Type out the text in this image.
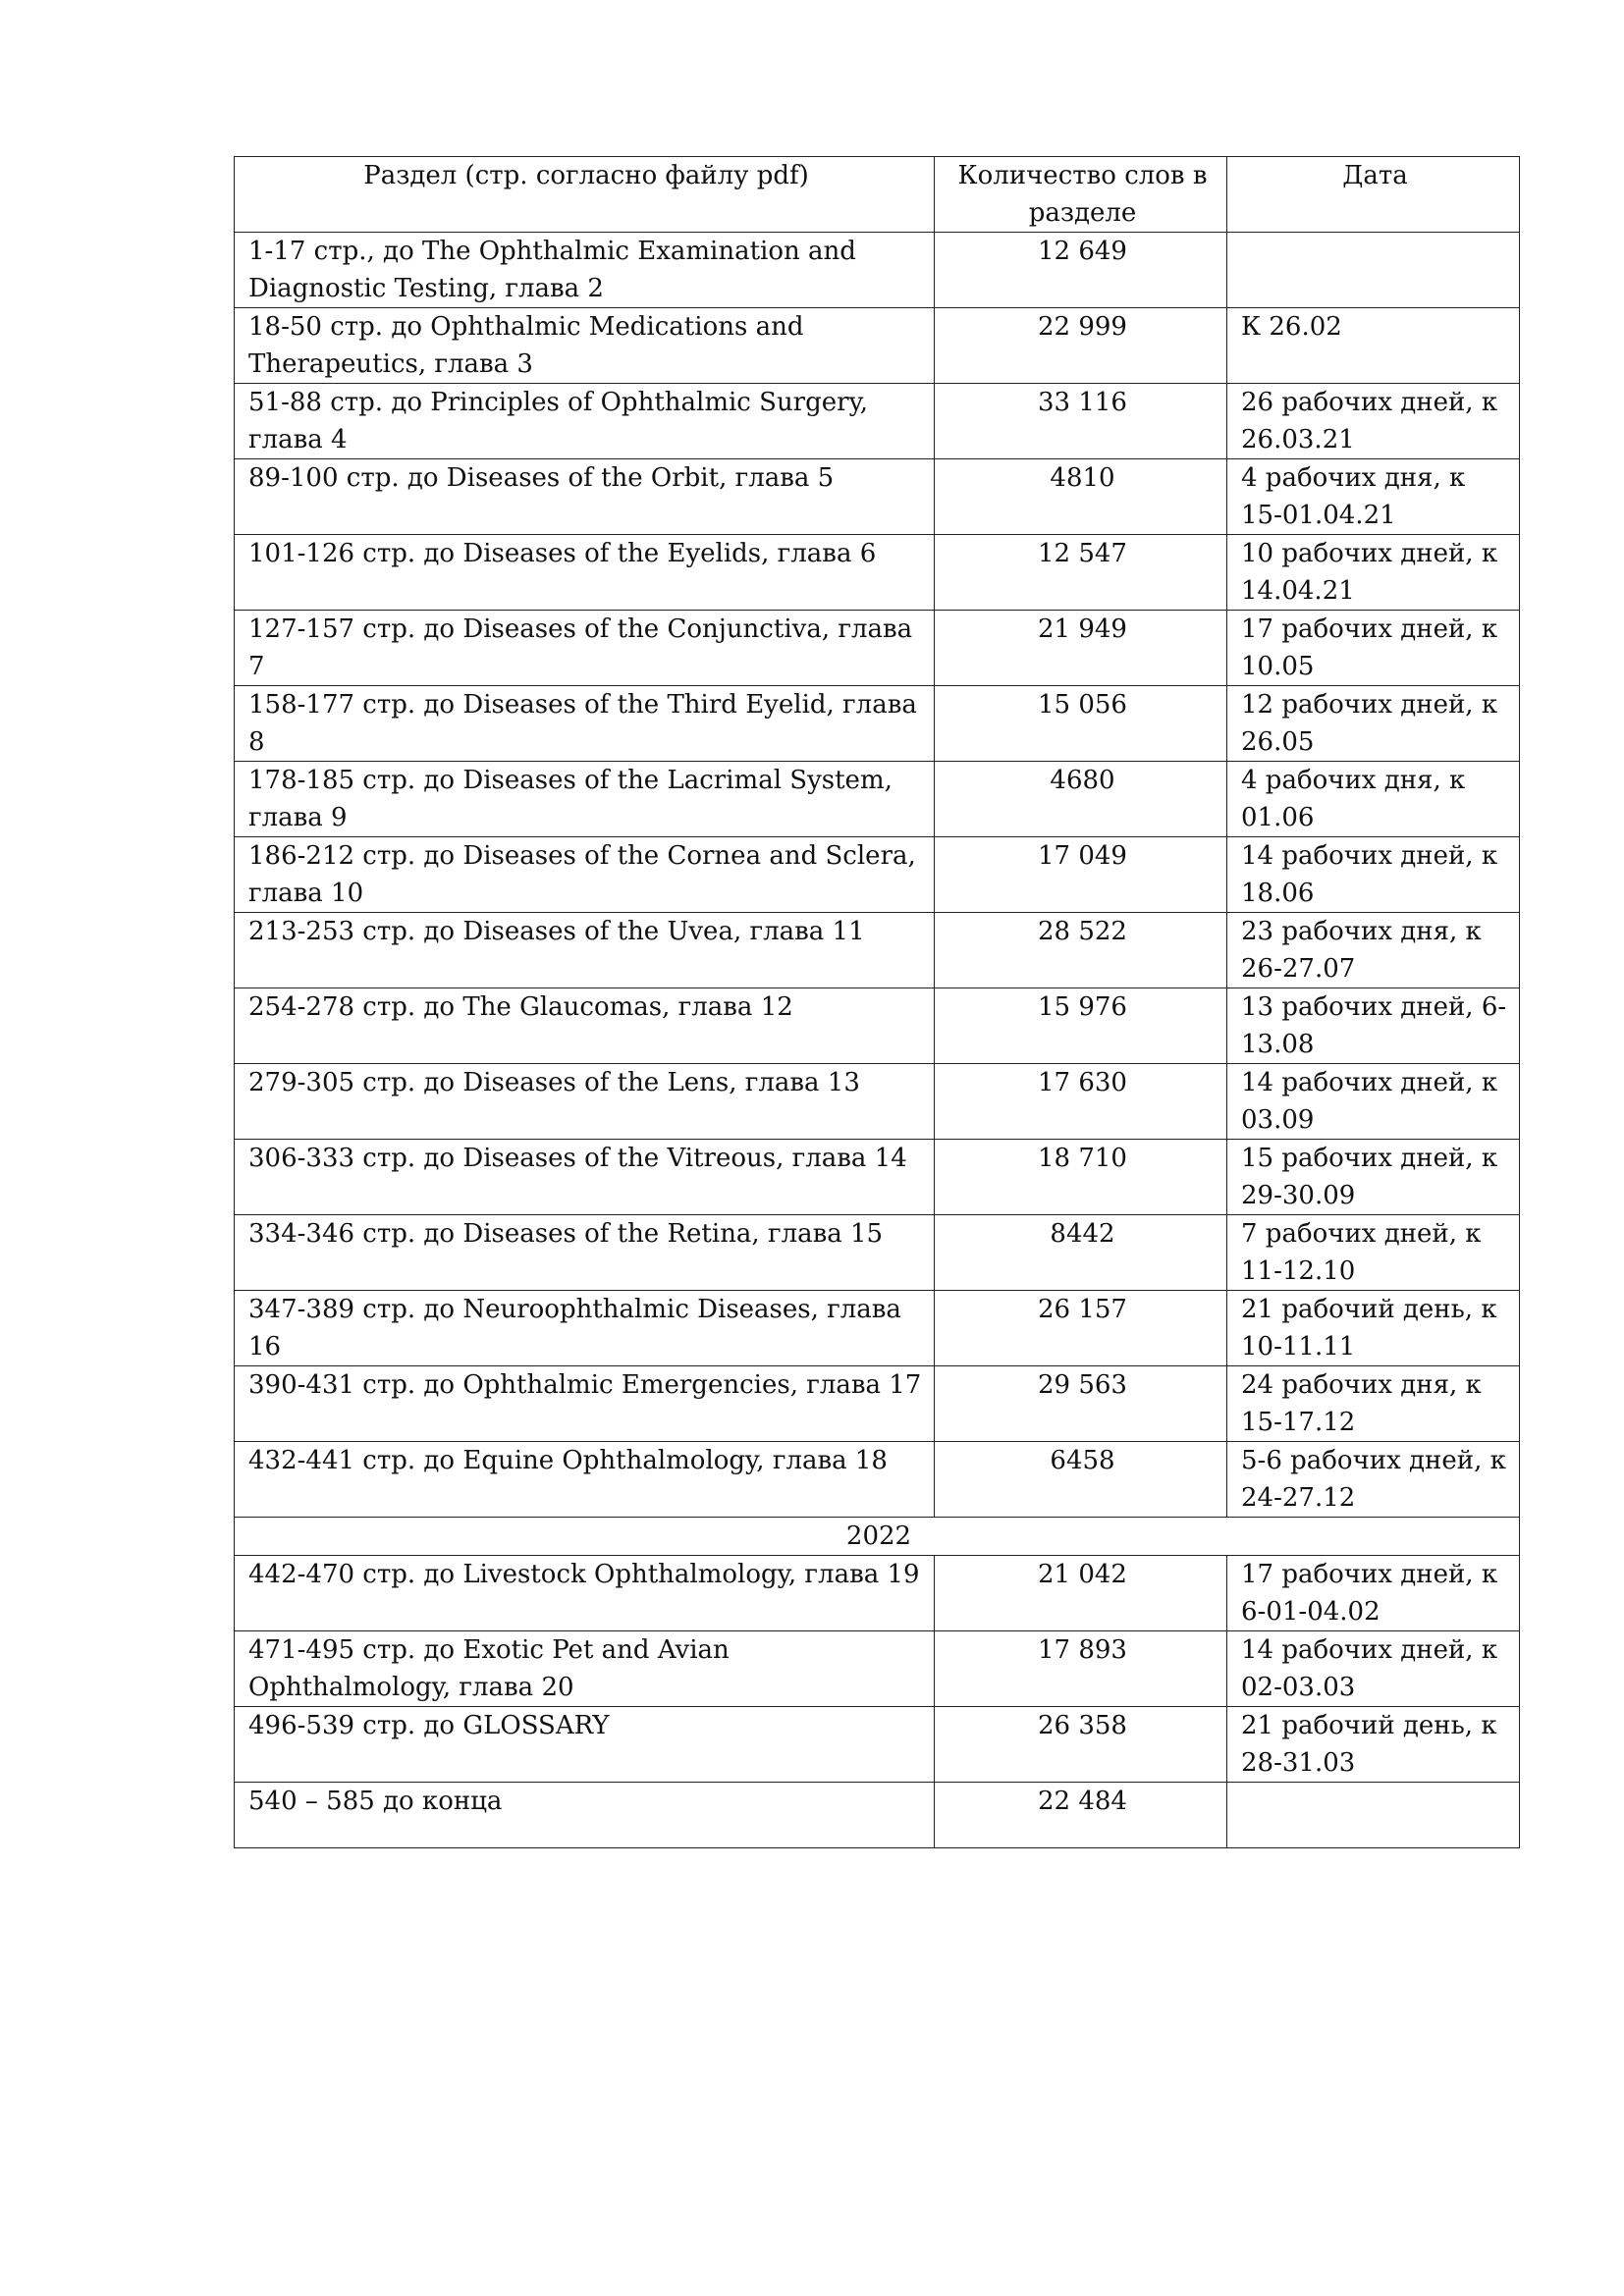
Раздел (стр. согласно файлу pdf)	Количество слов в разделе	Дата
1-17 стр., до The Ophthalmic Examination and Diagnostic Testing, глава 2	12 649	
18-50 стр. до Ophthalmic Medications and Therapeutics, глава 3	22 999	К 26.02
51-88 стр. до Principles of Ophthalmic Surgery, глава 4	33 116	26 рабочих дней, к 26.03.21
89-100 стр. до Diseases of the Orbit, глава 5	4810	4 рабочих дня, к 15-01.04.21
101-126 стр. до Diseases of the Eyelids, глава 6	12 547	10 рабочих дней, к 14.04.21
127-157 стр. до Diseases of the Conjunctiva, глава 7	21 949	17 рабочих дней, к 10.05
158-177 стр. до Diseases of the Third Eyelid, глава 8	15 056	12 рабочих дней, к 26.05
178-185 стр. до Diseases of the Lacrimal System, глава 9	4680	4 рабочих дня, к 01.06
186-212 стр. до Diseases of the Cornea and Sclera, глава 10	17 049	14 рабочих дней, к 18.06
213-253 стр. до Diseases of the Uvea, глава 11	28 522	23 рабочих дня, к 26-27.07
254-278 стр. до The Glaucomas, глава 12	15 976	13 рабочих дней, 6-13.08
279-305 стр. до Diseases of the Lens, глава 13	17 630	14 рабочих дней, к 03.09
306-333 стр. до Diseases of the Vitreous, глава 14	18 710	15 рабочих дней, к 29-30.09
334-346 стр. до Diseases of the Retina, глава 15	8442	7 рабочих дней, к 11-12.10
347-389 стр. до Neuroophthalmic Diseases, глава 16	26 157	21 рабочий день, к 10-11.11
390-431 стр. до Ophthalmic Emergencies, глава 17	29 563	24 рабочих дня, к 15-17.12
432-441 стр. до Equine Ophthalmology, глава 18	6458	5-6 рабочих дней, к 24-27.12
2022		
442-470 стр. до Livestock Ophthalmology, глава 19	21 042	17 рабочих дней, к 6-01-04.02
471-495 стр. до Exotic Pet and Avian Ophthalmology, глава 20	17 893	14 рабочих дней, к 02-03.03
496-539 стр. до GLOSSARY	26 358	21 рабочий день, к 28-31.03
540 – 585 до конца	22 484	
